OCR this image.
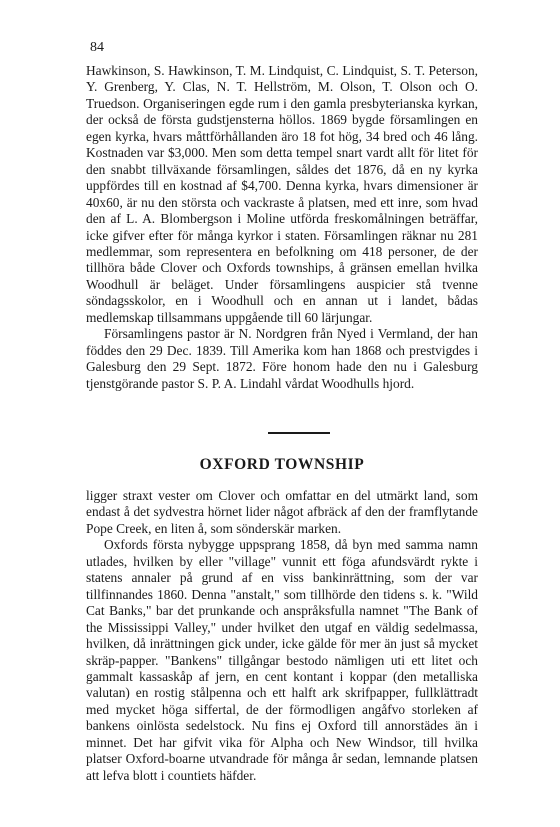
84

Hawkinson, S. Hawkinson, T. M. Lindquist, C. Lindquist, S. T. Peterson, Y. Grenberg, Y. Clas, N. T. Hellström, M. Olson, T. Olson och O. Truedson. Organiseringen egde rum i den gamla presbyterianska kyrkan, der också de första gudstjensterna höllos. 1869 bygde församlingen en egen kyrka, hvars måttförhållanden äro 18 fot hög, 34 bred och 46 lång. Kostnaden var $3,000. Men som detta tempel snart vardt allt för litet för den snabbt tillväxande församlingen, såldes det 1876, då en ny kyrka uppfördes till en kostnad af $4,700. Denna kyrka, hvars dimensioner är 40x60, är nu den största och vackraste å platsen, med ett inre, som hvad den af L. A. Blombergson i Moline utförda freskomålningen beträffar, icke gifver efter för många kyrkor i staten. Församlingen räknar nu 281 medlemmar, som representera en befolkning om 418 personer, de der tillhöra både Clover och Oxfords townships, å gränsen emellan hvilka Woodhull är beläget. Under församlingens auspicier stå tvenne söndagsskolor, en i Woodhull och en annan ut i landet, bådas medlemskap tillsammans uppgående till 60 lärjungar.

Församlingens pastor är N. Nordgren från Nyed i Vermland, der han föddes den 29 Dec. 1839. Till Amerika kom han 1868 och prestvigdes i Galesburg den 29 Sept. 1872. Före honom hade den nu i Galesburg tjenstgörande pastor S. P. A. Lindahl vårdat Woodhulls hjord.

OXFORD TOWNSHIP

ligger straxt vester om Clover och omfattar en del utmärkt land, som endast å det sydvestra hörnet lider något afbräck af den der framflytande Pope Creek, en liten å, som sönderskär marken.

Oxfords första nybygge uppsprang 1858, då byn med samma namn utlades, hvilken by eller "village" vunnit ett föga afundsvärdt rykte i statens annaler på grund af en viss bankinrättning, som der var tillfinnandes 1860. Denna "anstalt," som tillhörde den tidens s. k. "Wild Cat Banks," bar det prunkande och anspråksfulla namnet "The Bank of the Mississippi Valley," under hvilket den utgaf en väldig sedelmassa, hvilken, då inrättningen gick under, icke gälde för mer än just så mycket skräp-papper. "Bankens" tillgångar bestodo nämligen uti ett litet och gammalt kassaskåp af jern, en cent kontant i koppar (den metalliska valutan) en rostig stålpenna och ett halft ark skrifpapper, fullklättradt med mycket höga siffertal, de der förmodligen angåfvo storleken af bankens oinlösta sedelstock. Nu fins ej Oxford till annorstädes än i minnet. Det har gifvit vika för Alpha och New Windsor, till hvilka platser Oxford-boarne utvandrade för många år sedan, lemnande platsen att lefva blott i countiets häfder.
